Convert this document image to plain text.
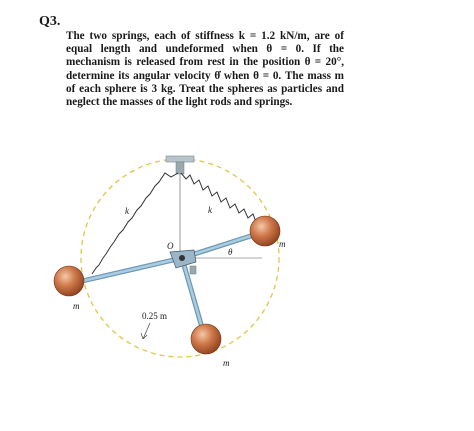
Q3.
The two springs, each of stiffness k = 1.2 kN/m, are of equal length and undeformed when θ = 0. If the mechanism is released from rest in the position θ = 20°, determine its angular velocity θ̇ when θ = 0. The mass m of each sphere is 3 kg. Treat the spheres as particles and neglect the masses of the light rods and springs.
k	k
O
θ
m
m
m
0.25 m
